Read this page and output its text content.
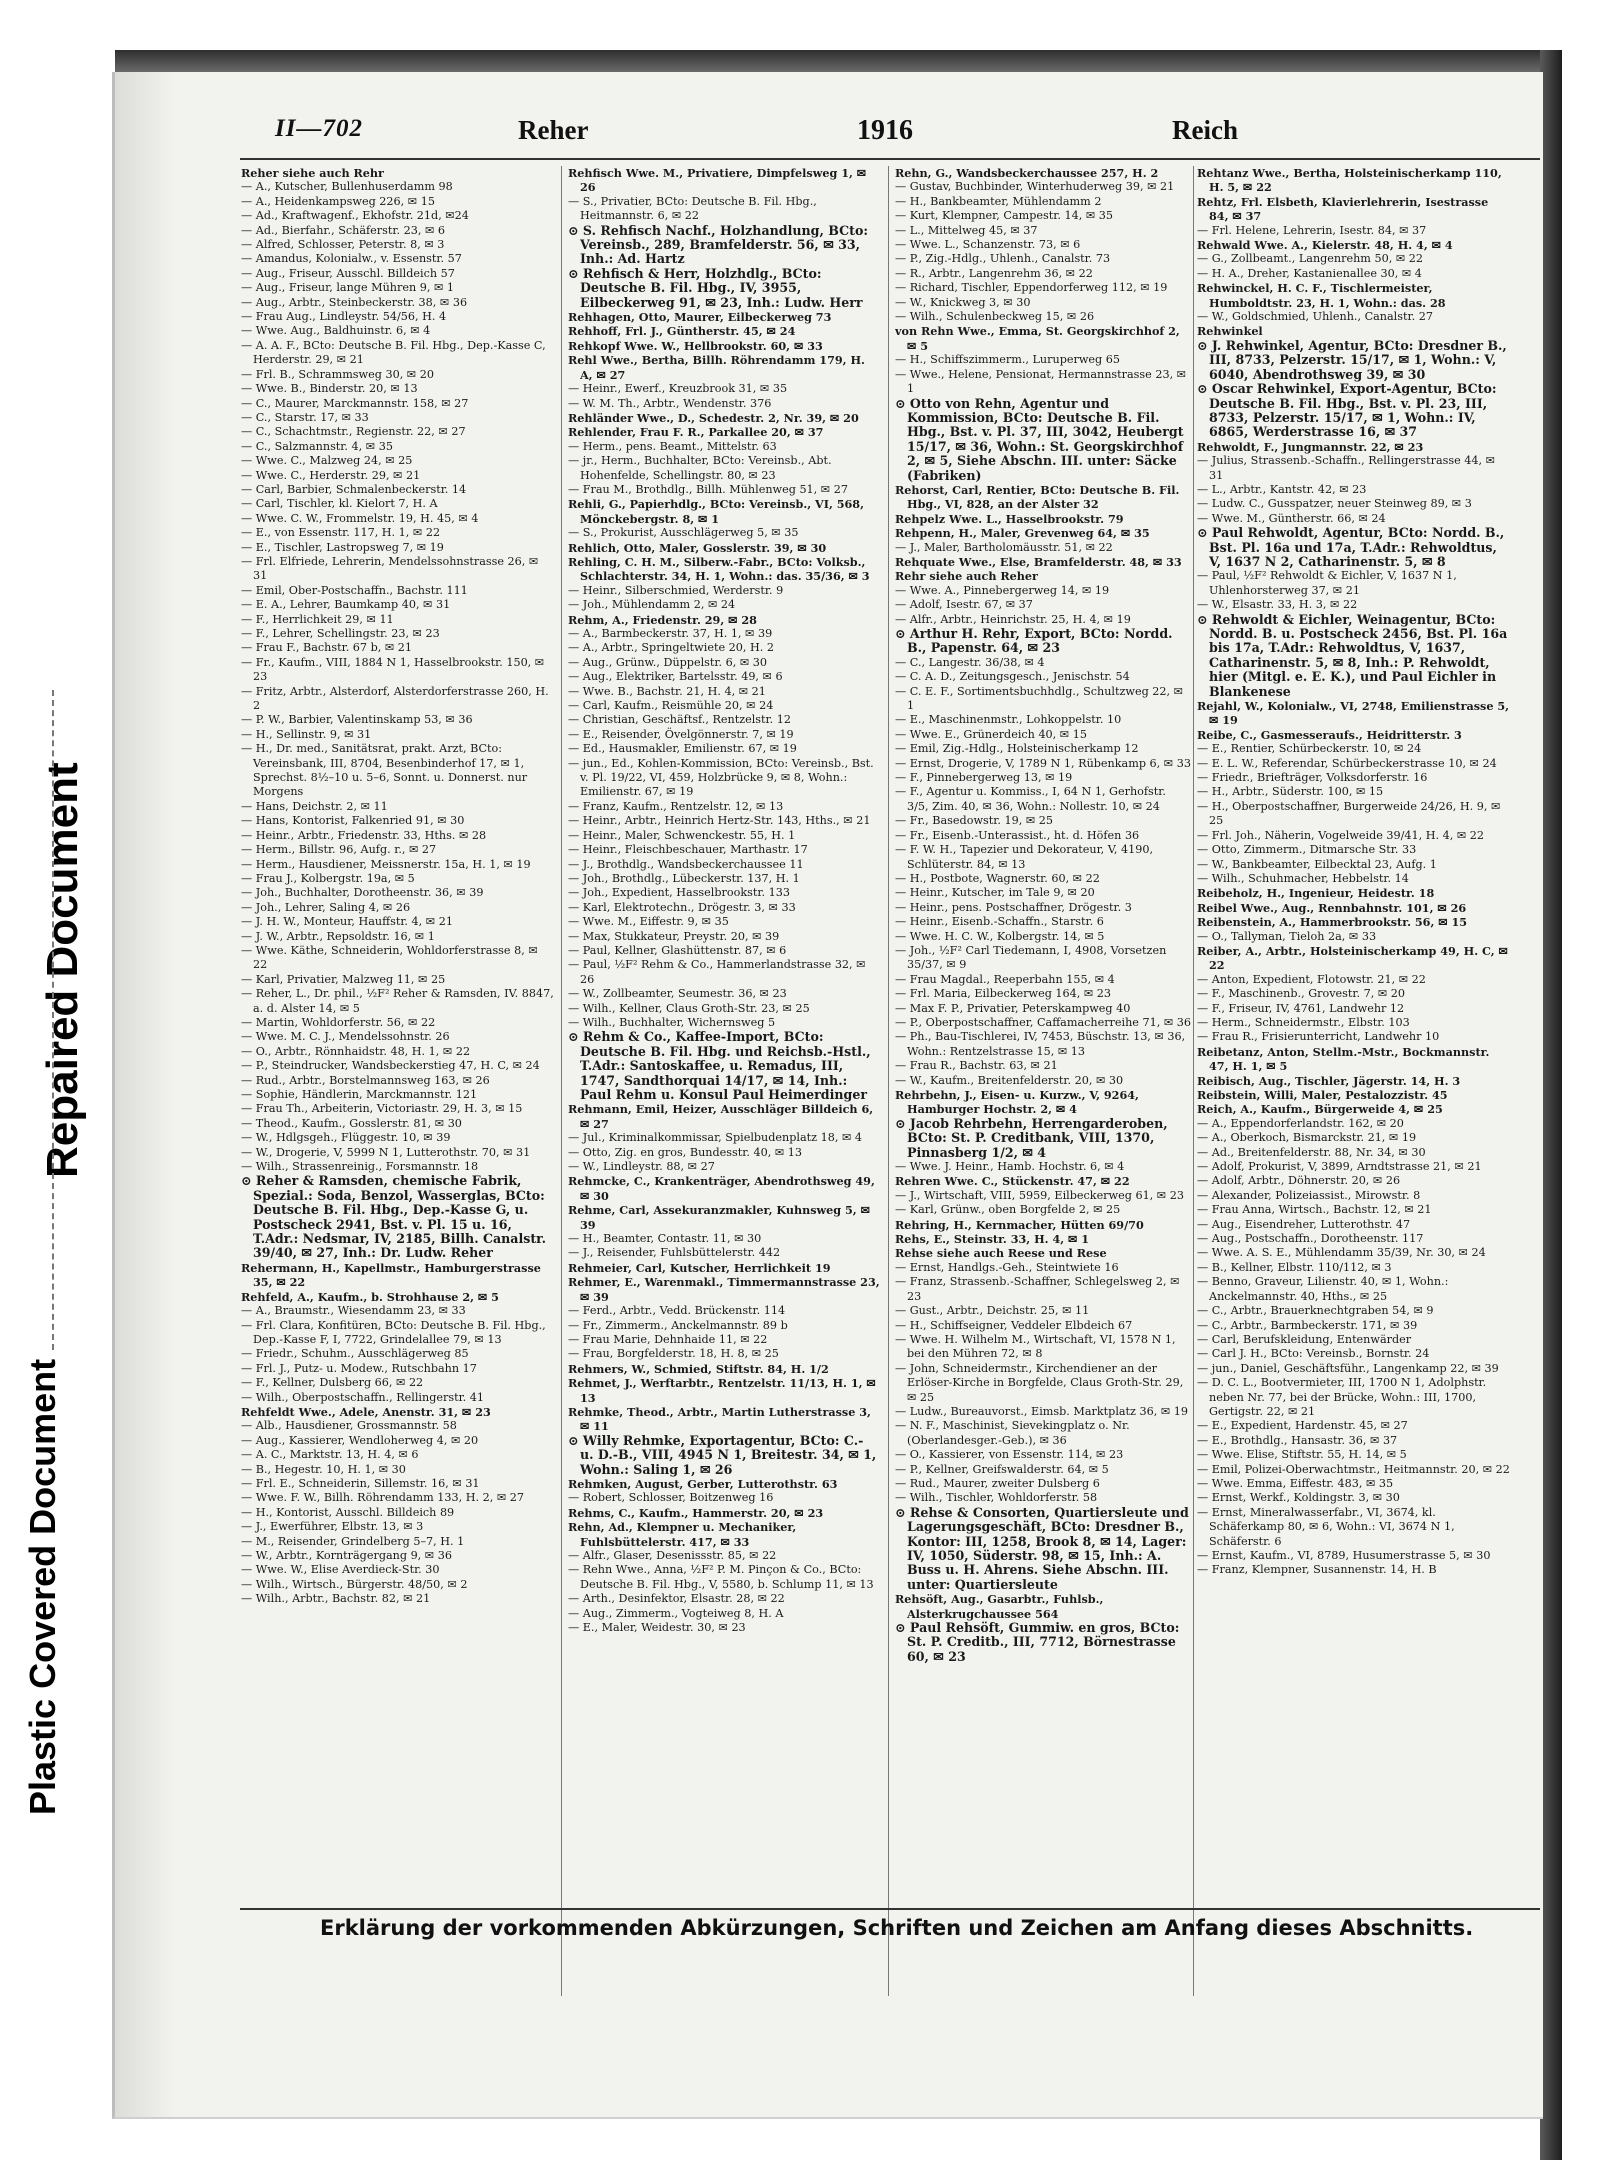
Plastic Covered Document
Repaired Document
II—702	Reher	1916	Reich

Reher siehe auch Rehr

— A., Kutscher, Bullenhuserdamm 98

— A., Heidenkampsweg 226, ✉ 15

— Ad., Kraftwagenf., Ekhofstr. 21d, ✉24

— Ad., Bierfahr., Schäferstr. 23, ✉ 6

— Alfred, Schlosser, Peterstr. 8, ✉ 3

— Amandus, Kolonialw., v. Essenstr. 57

— Aug., Friseur, Ausschl. Billdeich 57

— Aug., Friseur, lange Mühren 9, ✉ 1

— Aug., Arbtr., Steinbeckerstr. 38, ✉ 36

— Frau Aug., Lindleystr. 54/56, H. 4

— Wwe. Aug., Baldhuinstr. 6, ✉ 4

— A. A. F., BCto: Deutsche B. Fil. Hbg., Dep.-Kasse C, Herderstr. 29, ✉ 21

— Frl. B., Schrammsweg 30, ✉ 20

— Wwe. B., Binderstr. 20, ✉ 13

— C., Maurer, Marckmannstr. 158, ✉ 27

— C., Starstr. 17, ✉ 33

— C., Schachtmstr., Regienstr. 22, ✉ 27

— C., Salzmannstr. 4, ✉ 35

— Wwe. C., Malzweg 24, ✉ 25

— Wwe. C., Herderstr. 29, ✉ 21

— Carl, Barbier, Schmalenbeckerstr. 14

— Carl, Tischler, kl. Kielort 7, H. A

— Wwe. C. W., Frommelstr. 19, H. 45, ✉ 4

— E., von Essenstr. 117, H. 1, ✉ 22

— E., Tischler, Lastropsweg 7, ✉ 19

— Frl. Elfriede, Lehrerin, Mendelssohnstrasse 26, ✉ 31

— Emil, Ober-Postschaffn., Bachstr. 111

— E. A., Lehrer, Baumkamp 40, ✉ 31

— F., Herrlichkeit 29, ✉ 11

— F., Lehrer, Schellingstr. 23, ✉ 23

— Frau F., Bachstr. 67 b, ✉ 21

— Fr., Kaufm., VIII, 1884 N 1, Hasselbrookstr. 150, ✉ 23

— Fritz, Arbtr., Alsterdorf, Alsterdorferstrasse 260, H. 2

— P. W., Barbier, Valentinskamp 53, ✉ 36

— H., Sellinstr. 9, ✉ 31

— H., Dr. med., Sanitätsrat, prakt. Arzt, BCto: Vereinsbank, III, 8704, Besenbinderhof 17, ✉ 1, Sprechst. 8½–10 u. 5–6, Sonnt. u. Donnerst. nur Morgens

— Hans, Deichstr. 2, ✉ 11

— Hans, Kontorist, Falkenried 91, ✉ 30

— Heinr., Arbtr., Friedenstr. 33, Hths. ✉ 28

— Herm., Billstr. 96, Aufg. r., ✉ 27

— Herm., Hausdiener, Meissnerstr. 15a, H. 1, ✉ 19

— Frau J., Kolbergstr. 19a, ✉ 5

— Joh., Buchhalter, Dorotheenstr. 36, ✉ 39

— Joh., Lehrer, Saling 4, ✉ 26

— J. H. W., Monteur, Hauffstr. 4, ✉ 21

— J. W., Arbtr., Repsoldstr. 16, ✉ 1

— Wwe. Käthe, Schneiderin, Wohldorferstrasse 8, ✉ 22

— Karl, Privatier, Malzweg 11, ✉ 25

— Reher, L., Dr. phil., ½F² Reher & Ramsden, IV. 8847, a. d. Alster 14, ✉ 5

— Martin, Wohldorferstr. 56, ✉ 22

— Wwe. M. C. J., Mendelssohnstr. 26

— O., Arbtr., Rönnhaidstr. 48, H. 1, ✉ 22

— P., Steindrucker, Wandsbeckerstieg 47, H. C, ✉ 24

— Rud., Arbtr., Borstelmannsweg 163, ✉ 26

— Sophie, Händlerin, Marckmannstr. 121

— Frau Th., Arbeiterin, Victoriastr. 29, H. 3, ✉ 15

— Theod., Kaufm., Gosslerstr. 81, ✉ 30

— W., Hdlgsgeh., Flüggestr. 10, ✉ 39

— W., Drogerie, V, 5999 N 1, Lutterothstr. 70, ✉ 31

— Wilh., Strassenreinig., Forsmannstr. 18

⊙ Reher & Ramsden, chemische Fabrik, Spezial.: Soda, Benzol, Wasserglas, BCto: Deutsche B. Fil. Hbg., Dep.-Kasse G, u. Postscheck 2941, Bst. v. Pl. 15 u. 16, T.Adr.: Nedsmar, IV, 2185, Billh. Canalstr. 39/40, ✉ 27, Inh.: Dr. Ludw. Reher

Rehermann, H., Kapellmstr., Hamburgerstrasse 35, ✉ 22

Rehfeld, A., Kaufm., b. Strohhause 2, ✉ 5

— A., Braumstr., Wiesendamm 23, ✉ 33

— Frl. Clara, Konfitüren, BCto: Deutsche B. Fil. Hbg., Dep.-Kasse F, I, 7722, Grindelallee 79, ✉ 13

— Friedr., Schuhm., Ausschlägerweg 85

— Frl. J., Putz- u. Modew., Rutschbahn 17

— F., Kellner, Dulsberg 66, ✉ 22

— Wilh., Oberpostschaffn., Rellingerstr. 41

Rehfeldt Wwe., Adele, Anenstr. 31, ✉ 23

— Alb., Hausdiener, Grossmannstr. 58

— Aug., Kassierer, Wendloherweg 4, ✉ 20

— A. C., Marktstr. 13, H. 4, ✉ 6

— B., Hegestr. 10, H. 1, ✉ 30

— Frl. E., Schneiderin, Sillemstr. 16, ✉ 31

— Wwe. F. W., Billh. Röhrendamm 133, H. 2, ✉ 27

— H., Kontorist, Ausschl. Billdeich 89

— J., Ewerführer, Elbstr. 13, ✉ 3

— M., Reisender, Grindelberg 5–7, H. 1

— W., Arbtr., Kornträgergang 9, ✉ 36

— Wwe. W., Elise Averdieck-Str. 30

— Wilh., Wirtsch., Bürgerstr. 48/50, ✉ 2

— Wilh., Arbtr., Bachstr. 82, ✉ 21

Rehfisch Wwe. M., Privatiere, Dimpfelsweg 1, ✉ 26

— S., Privatier, BCto: Deutsche B. Fil. Hbg., Heitmannstr. 6, ✉ 22

⊙ S. Rehfisch Nachf., Holzhandlung, BCto: Vereinsb., 289, Bramfelderstr. 56, ✉ 33, Inh.: Ad. Hartz

⊙ Rehfisch & Herr, Holzhdlg., BCto: Deutsche B. Fil. Hbg., IV, 3955, Eilbeckerweg 91, ✉ 23, Inh.: Ludw. Herr

Rehhagen, Otto, Maurer, Eilbeckerweg 73

Rehhoff, Frl. J., Güntherstr. 45, ✉ 24

Rehkopf Wwe. W., Hellbrookstr. 60, ✉ 33

Rehl Wwe., Bertha, Billh. Röhrendamm 179, H. A, ✉ 27

— Heinr., Ewerf., Kreuzbrook 31, ✉ 35

— W. M. Th., Arbtr., Wendenstr. 376

Rehländer Wwe., D., Schedestr. 2, Nr. 39, ✉ 20

Rehlender, Frau F. R., Parkallee 20, ✉ 37

— Herm., pens. Beamt., Mittelstr. 63

— jr., Herm., Buchhalter, BCto: Vereinsb., Abt. Hohenfelde, Schellingstr. 80, ✉ 23

— Frau M., Brothdlg., Billh. Mühlenweg 51, ✉ 27

Rehli, G., Papierhdlg., BCto: Vereinsb., VI, 568, Mönckebergstr. 8, ✉ 1

— S., Prokurist, Ausschlägerweg 5, ✉ 35

Rehlich, Otto, Maler, Gosslerstr. 39, ✉ 30

Rehling, C. H. M., Silberw.-Fabr., BCto: Volksb., Schlachterstr. 34, H. 1, Wohn.: das. 35/36, ✉ 3

— Heinr., Silberschmied, Werderstr. 9

— Joh., Mühlendamm 2, ✉ 24

Rehm, A., Friedenstr. 29, ✉ 28

— A., Barmbeckerstr. 37, H. 1, ✉ 39

— A., Arbtr., Springeltwiete 20, H. 2

— Aug., Grünw., Düppelstr. 6, ✉ 30

— Aug., Elektriker, Bartelsstr. 49, ✉ 6

— Wwe. B., Bachstr. 21, H. 4, ✉ 21

— Carl, Kaufm., Reismühle 20, ✉ 24

— Christian, Geschäftsf., Rentzelstr. 12

— E., Reisender, Övelgönnerstr. 7, ✉ 19

— Ed., Hausmakler, Emilienstr. 67, ✉ 19

— jun., Ed., Kohlen-Kommission, BCto: Vereinsb., Bst. v. Pl. 19/22, VI, 459, Holzbrücke 9, ✉ 8, Wohn.: Emilienstr. 67, ✉ 19

— Franz, Kaufm., Rentzelstr. 12, ✉ 13

— Heinr., Arbtr., Heinrich Hertz-Str. 143, Hths., ✉ 21

— Heinr., Maler, Schwenckestr. 55, H. 1

— Heinr., Fleischbeschauer, Marthastr. 17

— J., Brothdlg., Wandsbeckerchaussee 11

— Joh., Brothdlg., Lübeckerstr. 137, H. 1

— Joh., Expedient, Hasselbrookstr. 133

— Karl, Elektrotechn., Drögestr. 3, ✉ 33

— Wwe. M., Eiffestr. 9, ✉ 35

— Max, Stukkateur, Preystr. 20, ✉ 39

— Paul, Kellner, Glashüttenstr. 87, ✉ 6

— Paul, ½F² Rehm & Co., Hammerlandstrasse 32, ✉ 26

— W., Zollbeamter, Seumestr. 36, ✉ 23

— Wilh., Kellner, Claus Groth-Str. 23, ✉ 25

— Wilh., Buchhalter, Wichernsweg 5

⊙ Rehm & Co., Kaffee-Import, BCto: Deutsche B. Fil. Hbg. und Reichsb.-Hstl., T.Adr.: Santoskaffee, u. Remadus, III, 1747, Sandthorquai 14/17, ✉ 14, Inh.: Paul Rehm u. Konsul Paul Heimerdinger

Rehmann, Emil, Heizer, Ausschläger Billdeich 6, ✉ 27

— Jul., Kriminalkommissar, Spielbudenplatz 18, ✉ 4

— Otto, Zig. en gros, Bundesstr. 40, ✉ 13

— W., Lindleystr. 88, ✉ 27

Rehmcke, C., Krankenträger, Abendrothsweg 49, ✉ 30

Rehme, Carl, Assekuranzmakler, Kuhnsweg 5, ✉ 39

— H., Beamter, Contastr. 11, ✉ 30

— J., Reisender, Fuhlsbüttelerstr. 442

Rehmeier, Carl, Kutscher, Herrlichkeit 19

Rehmer, E., Warenmakl., Timmermannstrasse 23, ✉ 39

— Ferd., Arbtr., Vedd. Brückenstr. 114

— Fr., Zimmerm., Anckelmannstr. 89 b

— Frau Marie, Dehnhaide 11, ✉ 22

— Frau, Borgfelderstr. 18, H. 8, ✉ 25

Rehmers, W., Schmied, Stiftstr. 84, H. 1/2

Rehmet, J., Werftarbtr., Rentzelstr. 11/13, H. 1, ✉ 13

Rehmke, Theod., Arbtr., Martin Lutherstrasse 3, ✉ 11

⊙ Willy Rehmke, Exportagentur, BCto: C.- u. D.-B., VIII, 4945 N 1, Breitestr. 34, ✉ 1, Wohn.: Saling 1, ✉ 26

Rehmken, August, Gerber, Lutterothstr. 63

— Robert, Schlosser, Boitzenweg 16

Rehms, C., Kaufm., Hammerstr. 20, ✉ 23

Rehn, Ad., Klempner u. Mechaniker, Fuhlsbüttelerstr. 417, ✉ 33

— Alfr., Glaser, Desenissstr. 85, ✉ 22

— Rehn Wwe., Anna, ½F² P. M. Pinçon & Co., BCto: Deutsche B. Fil. Hbg., V, 5580, b. Schlump 11, ✉ 13

— Arth., Desinfektor, Elsastr. 28, ✉ 22

— Aug., Zimmerm., Vogteiweg 8, H. A

— E., Maler, Weidestr. 30, ✉ 23

Rehn, G., Wandsbeckerchaussee 257, H. 2

— Gustav, Buchbinder, Winterhuderweg 39, ✉ 21

— H., Bankbeamter, Mühlendamm 2

— Kurt, Klempner, Campestr. 14, ✉ 35

— L., Mittelweg 45, ✉ 37

— Wwe. L., Schanzenstr. 73, ✉ 6

— P., Zig.-Hdlg., Uhlenh., Canalstr. 73

— R., Arbtr., Langenrehm 36, ✉ 22

— Richard, Tischler, Eppendorferweg 112, ✉ 19

— W., Knickweg 3, ✉ 30

— Wilh., Schulenbeckweg 15, ✉ 26

von Rehn Wwe., Emma, St. Georgskirchhof 2, ✉ 5

— H., Schiffszimmerm., Luruperweg 65

— Wwe., Helene, Pensionat, Hermannstrasse 23, ✉ 1

⊙ Otto von Rehn, Agentur und Kommission, BCto: Deutsche B. Fil. Hbg., Bst. v. Pl. 37, III, 3042, Heubergt 15/17, ✉ 36, Wohn.: St. Georgskirchhof 2, ✉ 5, Siehe Abschn. III. unter: Säcke (Fabriken)

Rehorst, Carl, Rentier, BCto: Deutsche B. Fil. Hbg., VI, 828, an der Alster 32

Rehpelz Wwe. L., Hasselbrookstr. 79

Rehpenn, H., Maler, Grevenweg 64, ✉ 35

— J., Maler, Bartholomäusstr. 51, ✉ 22

Rehquate Wwe., Else, Bramfelderstr. 48, ✉ 33

Rehr siehe auch Reher

— Wwe. A., Pinnebergerweg 14, ✉ 19

— Adolf, Isestr. 67, ✉ 37

— Alfr., Arbtr., Heinrichstr. 25, H. 4, ✉ 19

⊙ Arthur H. Rehr, Export, BCto: Nordd. B., Papenstr. 64, ✉ 23

— C., Langestr. 36/38, ✉ 4

— C. A. D., Zeitungsgesch., Jenischstr. 54

— C. E. F., Sortimentsbuchhdlg., Schultzweg 22, ✉ 1

— E., Maschinenmstr., Lohkoppelstr. 10

— Wwe. E., Grünerdeich 40, ✉ 15

— Emil, Zig.-Hdlg., Holsteinischerkamp 12

— Ernst, Drogerie, V, 1789 N 1, Rübenkamp 6, ✉ 33

— F., Pinnebergerweg 13, ✉ 19

— F., Agentur u. Kommiss., I, 64 N 1, Gerhofstr. 3/5, Zim. 40, ✉ 36, Wohn.: Nollestr. 10, ✉ 24

— Fr., Basedowstr. 19, ✉ 25

— Fr., Eisenb.-Unterassist., ht. d. Höfen 36

— F. W. H., Tapezier und Dekorateur, V, 4190, Schlüterstr. 84, ✉ 13

— H., Postbote, Wagnerstr. 60, ✉ 22

— Heinr., Kutscher, im Tale 9, ✉ 20

— Heinr., pens. Postschaffner, Drögestr. 3

— Heinr., Eisenb.-Schaffn., Starstr. 6

— Wwe. H. C. W., Kolbergstr. 14, ✉ 5

— Joh., ½F² Carl Tiedemann, I, 4908, Vorsetzen 35/37, ✉ 9

— Frau Magdal., Reeperbahn 155, ✉ 4

— Frl. Maria, Eilbeckerweg 164, ✉ 23

— Max F. P., Privatier, Peterskampweg 40

— P., Oberpostschaffner, Caffamacherreihe 71, ✉ 36

— Ph., Bau-Tischlerei, IV, 7453, Büschstr. 13, ✉ 36, Wohn.: Rentzelstrasse 15, ✉ 13

— Frau R., Bachstr. 63, ✉ 21

— W., Kaufm., Breitenfelderstr. 20, ✉ 30

Rehrbehn, J., Eisen- u. Kurzw., V, 9264, Hamburger Hochstr. 2, ✉ 4

⊙ Jacob Rehrbehn, Herrengarderoben, BCto: St. P. Creditbank, VIII, 1370, Pinnasberg 1/2, ✉ 4

— Wwe. J. Heinr., Hamb. Hochstr. 6, ✉ 4

Rehren Wwe. C., Stückenstr. 47, ✉ 22

— J., Wirtschaft, VIII, 5959, Eilbeckerweg 61, ✉ 23

— Karl, Grünw., oben Borgfelde 2, ✉ 25

Rehring, H., Kernmacher, Hütten 69/70

Rehs, E., Steinstr. 33, H. 4, ✉ 1

Rehse siehe auch Reese und Rese

— Ernst, Handlgs.-Geh., Steintwiete 16

— Franz, Strassenb.-Schaffner, Schlegelsweg 2, ✉ 23

— Gust., Arbtr., Deichstr. 25, ✉ 11

— H., Schiffseigner, Veddeler Elbdeich 67

— Wwe. H. Wilhelm M., Wirtschaft, VI, 1578 N 1, bei den Mühren 72, ✉ 8

— John, Schneidermstr., Kirchendiener an der Erlöser-Kirche in Borgfelde, Claus Groth-Str. 29, ✉ 25

— Ludw., Bureauvorst., Eimsb. Marktplatz 36, ✉ 19

— N. F., Maschinist, Sievekingplatz o. Nr. (Oberlandesger.-Geb.), ✉ 36

— O., Kassierer, von Essenstr. 114, ✉ 23

— P., Kellner, Greifswalderstr. 64, ✉ 5

— Rud., Maurer, zweiter Dulsberg 6

— Wilh., Tischler, Wohldorferstr. 58

⊙ Rehse & Consorten, Quartiersleute und Lagerungsgeschäft, BCto: Dresdner B., Kontor: III, 1258, Brook 8, ✉ 14, Lager: IV, 1050, Süderstr. 98, ✉ 15, Inh.: A. Buss u. H. Ahrens. Siehe Abschn. III. unter: Quartiersleute

Rehsöft, Aug., Gasarbtr., Fuhlsb., Alsterkrugchaussee 564

⊙ Paul Rehsöft, Gummiw. en gros, BCto: St. P. Creditb., III, 7712, Börnestrasse 60, ✉ 23

Rehtanz Wwe., Bertha, Holsteinischerkamp 110, H. 5, ✉ 22

Rehtz, Frl. Elsbeth, Klavierlehrerin, Isestrasse 84, ✉ 37

— Frl. Helene, Lehrerin, Isestr. 84, ✉ 37

Rehwald Wwe. A., Kielerstr. 48, H. 4, ✉ 4

— G., Zollbeamt., Langenrehm 50, ✉ 22

— H. A., Dreher, Kastanienallee 30, ✉ 4

Rehwinckel, H. C. F., Tischlermeister, Humboldtstr. 23, H. 1, Wohn.: das. 28

— W., Goldschmied, Uhlenh., Canalstr. 27

Rehwinkel

⊙ J. Rehwinkel, Agentur, BCto: Dresdner B., III, 8733, Pelzerstr. 15/17, ✉ 1, Wohn.: V, 6040, Abendrothsweg 39, ✉ 30

⊙ Oscar Rehwinkel, Export-Agentur, BCto: Deutsche B. Fil. Hbg., Bst. v. Pl. 23, III, 8733, Pelzerstr. 15/17, ✉ 1, Wohn.: IV, 6865, Werderstrasse 16, ✉ 37

Rehwoldt, F., Jungmannstr. 22, ✉ 23

— Julius, Strassenb.-Schaffn., Rellingerstrasse 44, ✉ 31

— L., Arbtr., Kantstr. 42, ✉ 23

— Ludw. C., Gusspatzer, neuer Steinweg 89, ✉ 3

— Wwe. M., Güntherstr. 66, ✉ 24

⊙ Paul Rehwoldt, Agentur, BCto: Nordd. B., Bst. Pl. 16a und 17a, T.Adr.: Rehwoldtus, V, 1637 N 2, Catharinenstr. 5, ✉ 8

— Paul, ½F² Rehwoldt & Eichler, V, 1637 N 1, Uhlenhorsterweg 37, ✉ 21

— W., Elsastr. 33, H. 3, ✉ 22

⊙ Rehwoldt & Eichler, Weinagentur, BCto: Nordd. B. u. Postscheck 2456, Bst. Pl. 16a bis 17a, T.Adr.: Rehwoldtus, V, 1637, Catharinenstr. 5, ✉ 8, Inh.: P. Rehwoldt, hier (Mitgl. e. E. K.), und Paul Eichler in Blankenese

Rejahl, W., Kolonialw., VI, 2748, Emilienstrasse 5, ✉ 19

Reibe, C., Gasmesseraufs., Heidritterstr. 3

— E., Rentier, Schürbeckerstr. 10, ✉ 24

— E. L. W., Referendar, Schürbeckerstrasse 10, ✉ 24

— Friedr., Briefträger, Volksdorferstr. 16

— H., Arbtr., Süderstr. 100, ✉ 15

— H., Oberpostschaffner, Burgerweide 24/26, H. 9, ✉ 25

— Frl. Joh., Näherin, Vogelweide 39/41, H. 4, ✉ 22

— Otto, Zimmerm., Ditmarsche Str. 33

— W., Bankbeamter, Eilbecktal 23, Aufg. 1

— Wilh., Schuhmacher, Hebbelstr. 14

Reibeholz, H., Ingenieur, Heidestr. 18

Reibel Wwe., Aug., Rennbahnstr. 101, ✉ 26

Reibenstein, A., Hammerbrookstr. 56, ✉ 15

— O., Tallyman, Tieloh 2a, ✉ 33

Reiber, A., Arbtr., Holsteinischerkamp 49, H. C, ✉ 22

— Anton, Expedient, Flotowstr. 21, ✉ 22

— F., Maschinenb., Grovestr. 7, ✉ 20

— F., Friseur, IV, 4761, Landwehr 12

— Herm., Schneidermstr., Elbstr. 103

— Frau R., Frisierunterricht, Landwehr 10

Reibetanz, Anton, Stellm.-Mstr., Bockmannstr. 47, H. 1, ✉ 5

Reibisch, Aug., Tischler, Jägerstr. 14, H. 3

Reibstein, Willi, Maler, Pestalozzistr. 45

Reich, A., Kaufm., Bürgerweide 4, ✉ 25

— A., Eppendorferlandstr. 162, ✉ 20

— A., Oberkoch, Bismarckstr. 21, ✉ 19

— Ad., Breitenfelderstr. 88, Nr. 34, ✉ 30

— Adolf, Prokurist, V, 3899, Arndtstrasse 21, ✉ 21

— Adolf, Arbtr., Döhnerstr. 20, ✉ 26

— Alexander, Polizeiassist., Mirowstr. 8

— Frau Anna, Wirtsch., Bachstr. 12, ✉ 21

— Aug., Eisendreher, Lutterothstr. 47

— Aug., Postschaffn., Dorotheenstr. 117

— Wwe. A. S. E., Mühlendamm 35/39, Nr. 30, ✉ 24

— B., Kellner, Elbstr. 110/112, ✉ 3

— Benno, Graveur, Lilienstr. 40, ✉ 1, Wohn.: Anckelmannstr. 40, Hths., ✉ 25

— C., Arbtr., Brauerknechtgraben 54, ✉ 9

— C., Arbtr., Barmbeckerstr. 171, ✉ 39

— Carl, Berufskleidung, Entenwärder

— Carl J. H., BCto: Vereinsb., Bornstr. 24

— jun., Daniel, Geschäftsführ., Langenkamp 22, ✉ 39

— D. C. L., Bootvermieter, III, 1700 N 1, Adolphstr. neben Nr. 77, bei der Brücke, Wohn.: III, 1700, Gertigstr. 22, ✉ 21

— E., Expedient, Hardenstr. 45, ✉ 27

— E., Brothdlg., Hansastr. 36, ✉ 37

— Wwe. Elise, Stiftstr. 55, H. 14, ✉ 5

— Emil, Polizei-Oberwachtmstr., Heitmannstr. 20, ✉ 22

— Wwe. Emma, Eiffestr. 483, ✉ 35

— Ernst, Werkf., Koldingstr. 3, ✉ 30

— Ernst, Mineralwasserfabr., VI, 3674, kl. Schäferkamp 80, ✉ 6, Wohn.: VI, 3674 N 1, Schäferstr. 6

— Ernst, Kaufm., VI, 8789, Husumerstrasse 5, ✉ 30

— Franz, Klempner, Susannenstr. 14, H. B

Erklärung der vorkommenden Abkürzungen, Schriften und Zeichen am Anfang dieses Abschnitts.
